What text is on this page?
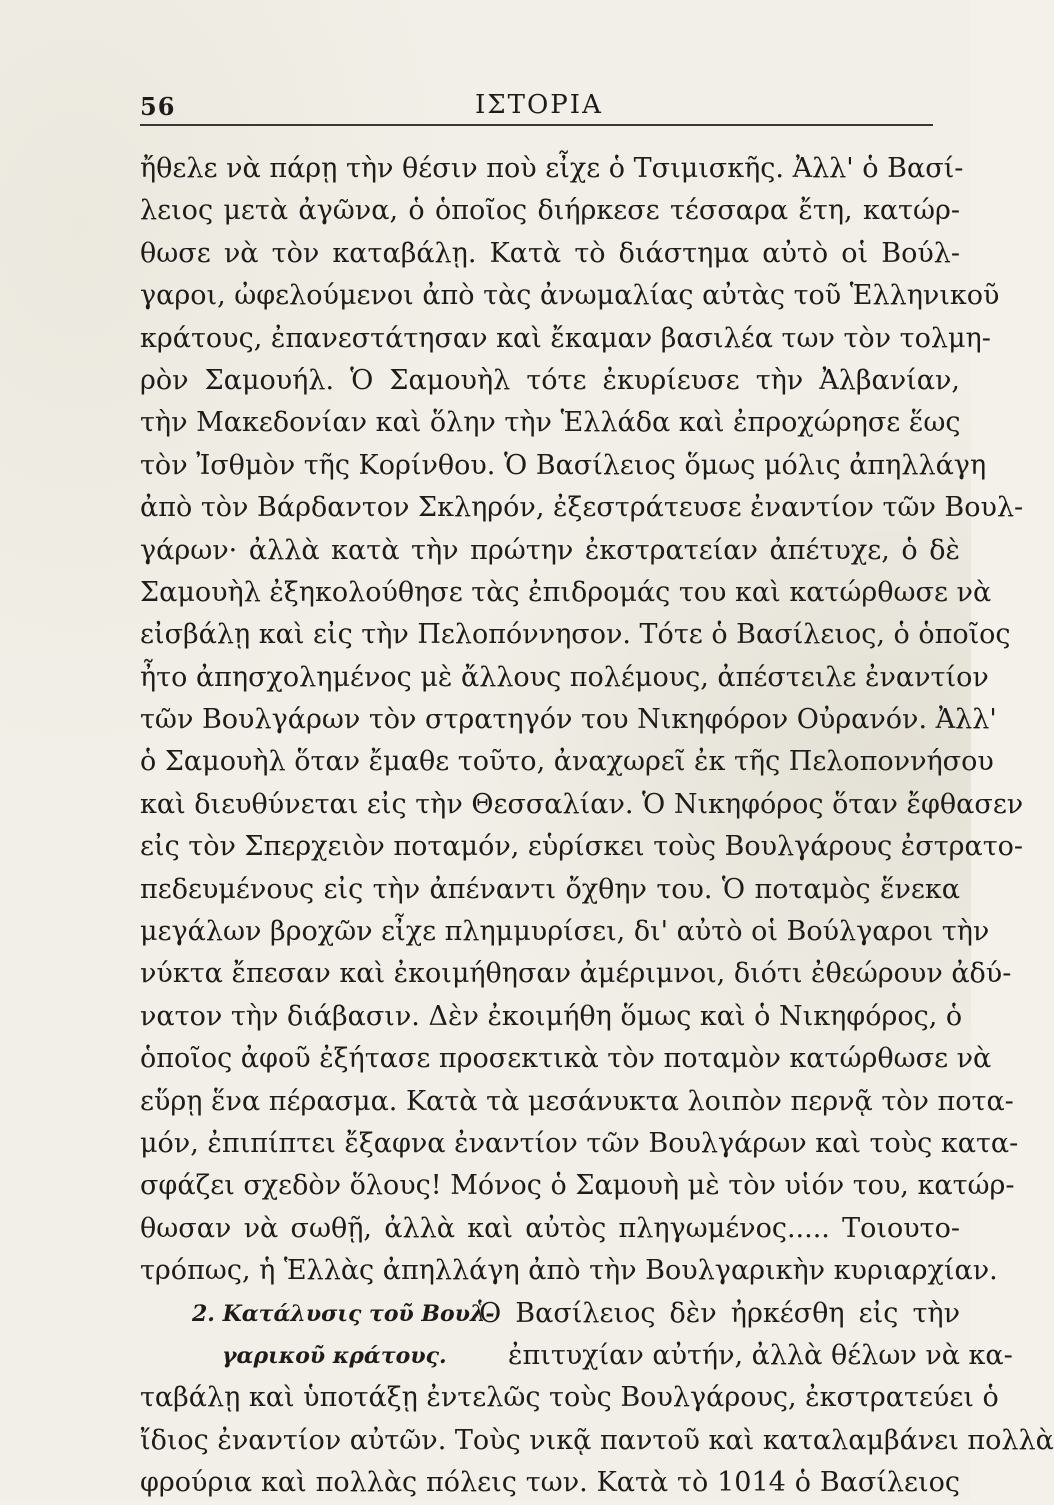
56	ΙΣΤΟΡΙΑ
ἤθελε νὰ πάρῃ τὴν θέσιν ποὺ εἶχε ὁ Τσιμισκῆς. Ἀλλ' ὁ Βασί-
λειος μετὰ ἀγῶνα, ὁ ὁποῖος διήρκεσε τέσσαρα ἔτη, κατώρ-
θωσε νὰ τὸν καταβάλῃ. Κατὰ τὸ διάστημα αὐτὸ οἱ Βούλ-
γαροι, ὠφελούμενοι ἀπὸ τὰς ἀνωμαλίας αὐτὰς τοῦ Ἑλληνικοῦ
κράτους, ἐπανεστάτησαν καὶ ἔκαμαν βασιλέα των τὸν τολμη-
ρὸν Σαμουήλ. Ὁ Σαμουὴλ τότε ἐκυρίευσε τὴν Ἀλβανίαν,
τὴν Μακεδονίαν καὶ ὅλην τὴν Ἑλλάδα καὶ ἐπροχώρησε ἕως
τὸν Ἰσθμὸν τῆς Κορίνθου. Ὁ Βασίλειος ὅμως μόλις ἀπηλλάγη
ἀπὸ τὸν Βάρδαντον Σκληρόν, ἐξεστράτευσε ἐναντίον τῶν Βουλ-
γάρων· ἀλλὰ κατὰ τὴν πρώτην ἐκστρατείαν ἀπέτυχε, ὁ δὲ
Σαμουὴλ ἐξηκολούθησε τὰς ἐπιδρομάς του καὶ κατώρθωσε νὰ
εἰσβάλῃ καὶ εἰς τὴν Πελοπόννησον. Τότε ὁ Βασίλειος, ὁ ὁποῖος
ἦτο ἀπησχολημένος μὲ ἄλλους πολέμους, ἀπέστειλε ἐναντίον
τῶν Βουλγάρων τὸν στρατηγόν του Νικηφόρον Οὐρανόν. Ἀλλ'
ὁ Σαμουὴλ ὅταν ἔμαθε τοῦτο, ἀναχωρεῖ ἐκ τῆς Πελοποννήσου
καὶ διευθύνεται εἰς τὴν Θεσσαλίαν. Ὁ Νικηφόρος ὅταν ἔφθασεν
εἰς τὸν Σπερχειὸν ποταμόν, εὑρίσκει τοὺς Βουλγάρους ἐστρατο-
πεδευμένους εἰς τὴν ἀπέναντι ὄχθην του. Ὁ ποταμὸς ἕνεκα
μεγάλων βροχῶν εἶχε πλημμυρίσει, δι' αὐτὸ οἱ Βούλγαροι τὴν
νύκτα ἔπεσαν καὶ ἐκοιμήθησαν ἀμέριμνοι, διότι ἐθεώρουν ἀδύ-
νατον τὴν διάβασιν. Δὲν ἐκοιμήθη ὅμως καὶ ὁ Νικηφόρος, ὁ
ὁποῖος ἀφοῦ ἐξήτασε προσεκτικὰ τὸν ποταμὸν κατώρθωσε νὰ
εὕρῃ ἕνα πέρασμα. Κατὰ τὰ μεσάνυκτα λοιπὸν περνᾷ τὸν ποτα-
μόν, ἐπιπίπτει ἔξαφνα ἐναντίον τῶν Βουλγάρων καὶ τοὺς κατα-
σφάζει σχεδὸν ὅλους! Μόνος ὁ Σαμουὴ μὲ τὸν υἱόν του, κατώρ-
θωσαν νὰ σωθῇ, ἀλλὰ καὶ αὐτὸς πληγωμένος..... Τοιουτο-
τρόπως, ἡ Ἑλλὰς ἀπηλλάγη ἀπὸ τὴν Βουλγαρικὴν κυριαρχίαν.
2. Κατάλυσις τοῦ Βουλ-
Ὁ Βασίλειος δὲν ἠρκέσθη εἰς τὴν
γαρικοῦ κράτους.	ἐπιτυχίαν αὐτήν, ἀλλὰ θέλων νὰ κα-
ταβάλῃ καὶ ὑποτάξῃ ἐντελῶς τοὺς Βουλγάρους, ἐκστρατεύει ὁ
ἴδιος ἐναντίον αὐτῶν. Τοὺς νικᾷ παντοῦ καὶ καταλαμβάνει πολλὰ
φρούρια καὶ πολλὰς πόλεις των. Κατὰ τὸ 1014 ὁ Βασίλειος
